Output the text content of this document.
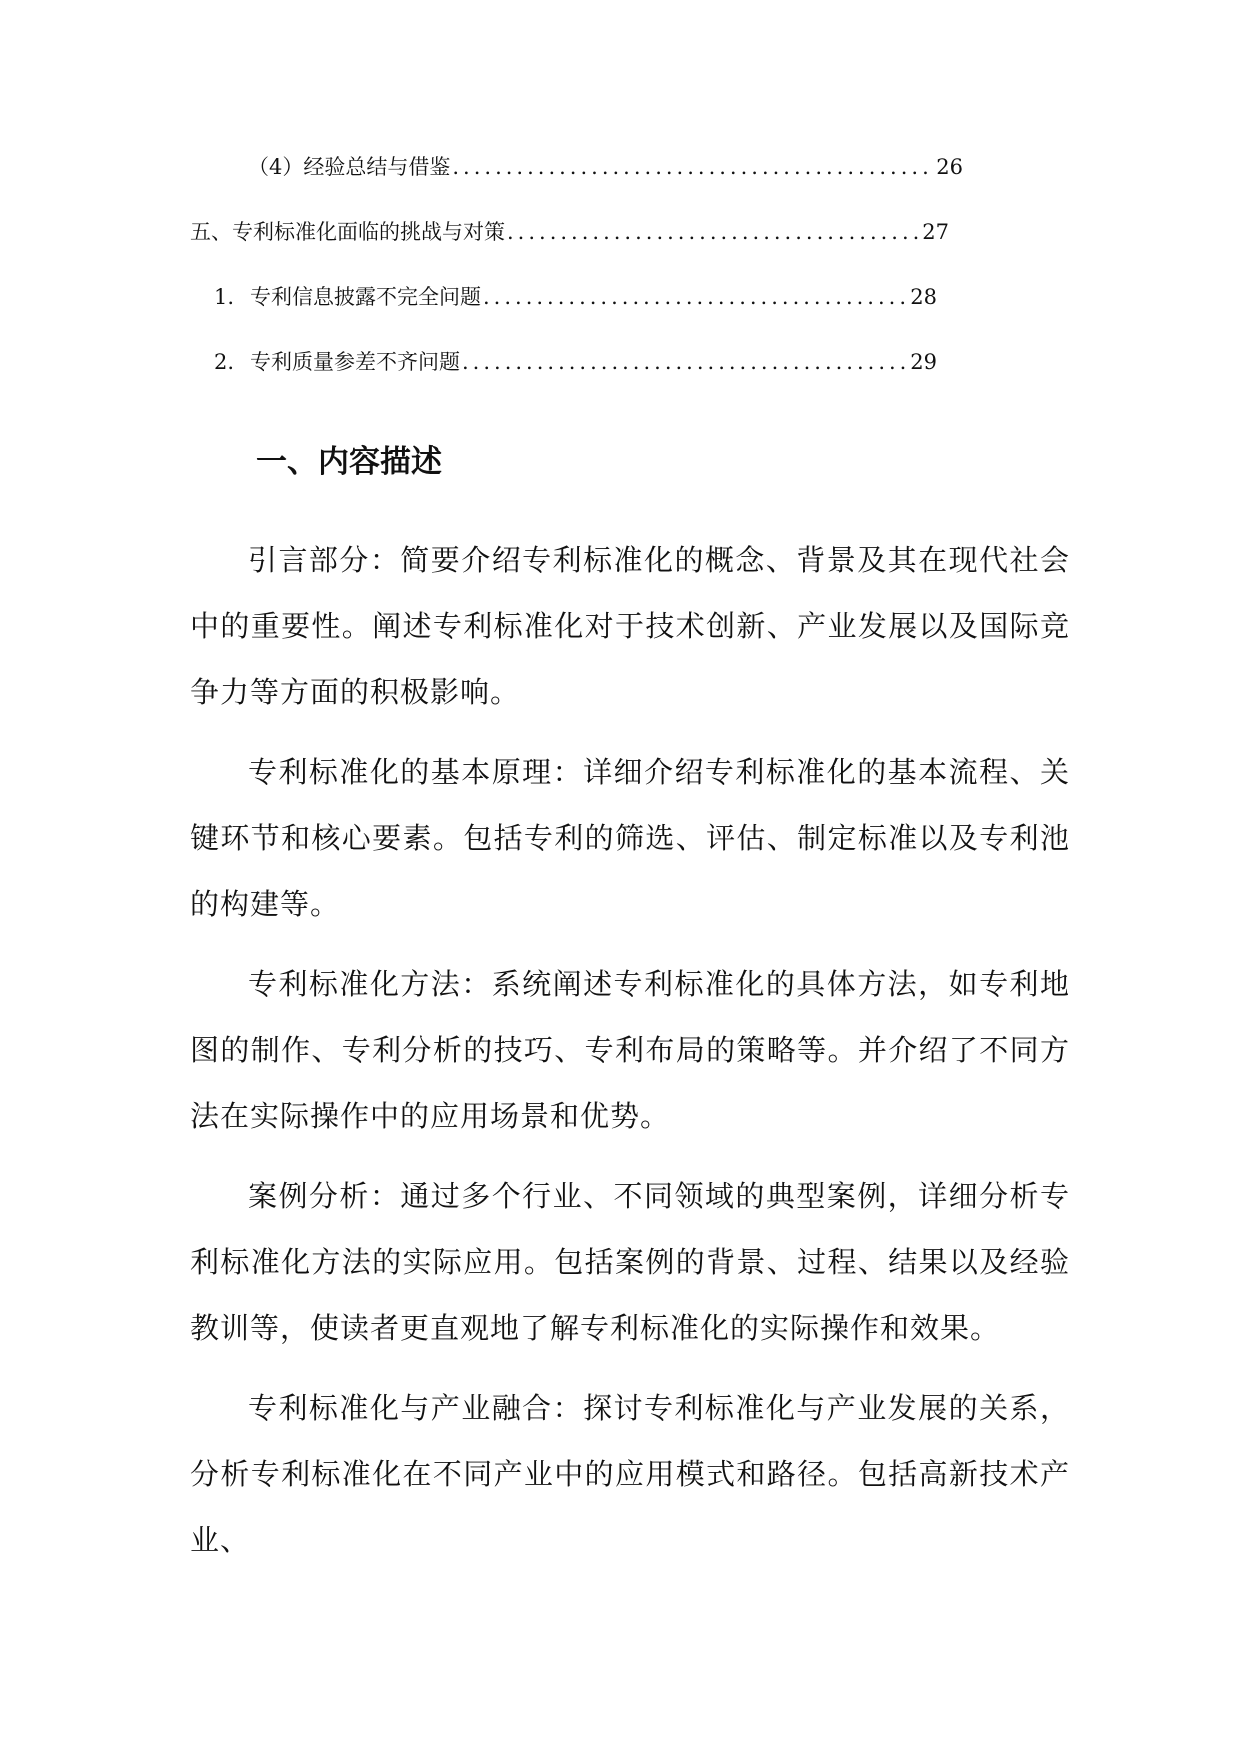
（4）经验总结与借鉴 .....	26
五、专利标准化面临的挑战与对策 .....	27
1. 专利信息披露不完全问题 .....	28
2. 专利质量参差不齐问题 .....	29
一、内容描述

引言部分：简要介绍专利标准化的概念、背景及其在现代社会中的重要性。阐述专利标准化对于技术创新、产业发展以及国际竞争力等方面的积极影响。

专利标准化的基本原理：详细介绍专利标准化的基本流程、关键环节和核心要素。包括专利的筛选、评估、制定标准以及专利池的构建等。

专利标准化方法：系统阐述专利标准化的具体方法，如专利地图的制作、专利分析的技巧、专利布局的策略等。并介绍了不同方法在实际操作中的应用场景和优势。

案例分析：通过多个行业、不同领域的典型案例，详细分析专利标准化方法的实际应用。包括案例的背景、过程、结果以及经验教训等，使读者更直观地了解专利标准化的实际操作和效果。

专利标准化与产业融合：探讨专利标准化与产业发展的关系，分析专利标准化在不同产业中的应用模式和路径。包括高新技术产业、
